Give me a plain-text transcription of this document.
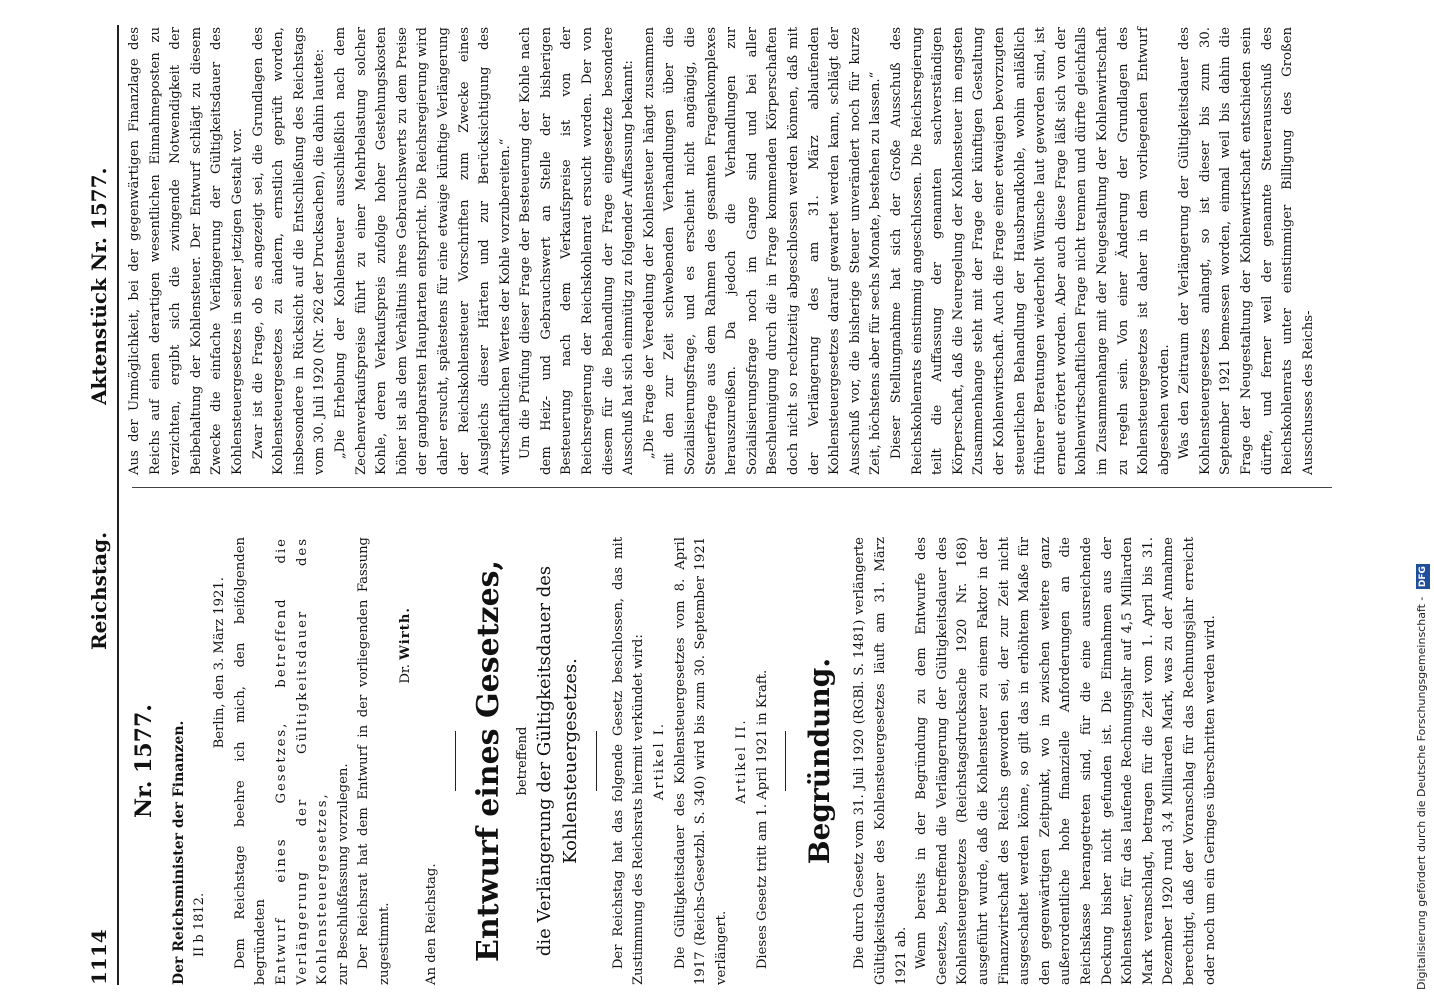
1114
Reichstag.
Aktenstück Nr. 1577.
Nr. 1577. Der Reichsminister der Finanzen. II b 1812.
Berlin, den 3. März 1921. Dem Reichstage beehre ich mich, den beifolgenden begründeten Entwurf eines Gesetzes, betreffend die Verlängerung der Gültigkeitsdauer des Kohlensteuergesetzes, zur Beschlußfassung vorzulegen. Der Reichsrat hat dem Entwurf in der vorliegenden Fassung zugestimmt.

Dr. Wirth.

An den Reichstag. Entwurf eines Gesetzes, betreffend die Verlängerung der Gültigkeitsdauer des Kohlensteuergesetzes. Der Reichstag hat das folgende Gesetz beschlossen, das mit Zustimmung des Reichsrats hiermit verkündet wird: Artikel I. Die Gültigkeitsdauer des Kohlensteuergesetzes vom 8. April 1917 (Reichs-Gesetzbl. S. 340) wird bis zum 30. September 1921 verlängert.

Artikel II. Dieses Gesetz tritt am 1. April 1921 in Kraft. Begründung.	Die durch Gesetz vom 31. Juli 1920 (RGBl. S. 1481) verlängerte Gültigkeitsdauer des Kohlensteuergesetzes läuft am 31. März 1921 ab. Wenn bereits in der Begründung zu dem Entwurfe des Gesetzes, betreffend die Verlängerung der Gültigkeitsdauer des Kohlensteuergesetzes (Reichstagsdrucksache 1920 Nr. 168) ausgeführt wurde, daß die Kohlensteuer zu einem Faktor in der Finanzwirtschaft des Reichs geworden sei, der zur Zeit nicht ausgeschaltet werden könne, so gilt das in erhöhtem Maße für den gegenwärtigen Zeitpunkt, wo in zwischen weitere ganz außerordentliche hohe finanzielle Anforderungen an die Reichskasse herangetreten sind, für die eine ausreichende Deckung bisher nicht gefunden ist. Die Einnahmen aus der Kohlensteuer, für das laufende Rechnungsjahr auf 4,5 Milliarden Mark veranschlagt, betragen für die Zeit vom 1. April bis 31. Dezember 1920 rund 3,4 Milliarden Mark, was zu der Annahme berechtigt, daß der Voranschlag für das Rechnungsjahr erreicht oder noch um ein Geringes überschritten werden wird.

Aus der Unmöglichkeit, bei der gegenwärtigen Finanzlage des Reichs auf einen derartigen wesentlichen Einnahmeposten zu verzichten, ergibt sich die zwingende Notwendigkeit der Beibehaltung der Kohlensteuer. Der Entwurf schlägt zu diesem Zwecke die einfache Verlängerung der Gültigkeitsdauer des Kohlensteuergesetzes in seiner jetzigen Gestalt vor. Zwar ist die Frage, ob es angezeigt sei, die Grundlagen des Kohlensteuergesetzes zu ändern, ernstlich geprüft worden, insbesondere in Rücksicht auf die Entschließung des Reichstags vom 30. Juli 1920 (Nr. 262 der Drucksachen), die dahin lautete: „Die Erhebung der Kohlensteuer ausschließlich nach dem Zechenverkaufspreise führt zu einer Mehrbelastung solcher Kohle, deren Verkaufspreis zufolge hoher Gestehungskosten höher ist als dem Verhältnis ihres Gebrauchswerts zu dem Preise der gangbarsten Hauptarten entspricht. Die Reichsregierung wird daher ersucht, spätestens für eine etwaige künftige Verlängerung der Reichskohlensteuer Vorschriften zum Zwecke eines Ausgleichs dieser Härten und zur Berücksichtigung des wirtschaftlichen Wertes der Kohle vorzubereiten.“ Um die Prüfung dieser Frage der Besteuerung der Kohle nach dem Heiz- und Gebrauchswert an Stelle der bisherigen Besteuerung nach dem Verkaufspreise ist von der Reichsregierung der Reichskohlenrat ersucht worden. Der von diesem für die Behandlung der Frage eingesetzte besondere Ausschuß hat sich einmütig zu folgender Auffassung bekannt: „Die Frage der Veredelung der Kohlensteuer hängt zusammen mit den zur Zeit schwebenden Verhandlungen über die Sozialisierungsfrage, und es erscheint nicht angängig, die Steuerfrage aus dem Rahmen des gesamten Fragenkomplexes herauszureißen. Da jedoch die Verhandlungen zur Sozialisierungsfrage noch im Gange sind und bei aller Beschleunigung durch die in Frage kommenden Körperschaften doch nicht so rechtzeitig abgeschlossen werden können, daß mit der Verlängerung des am 31. März ablaufenden Kohlensteuergesetzes darauf gewartet werden kann, schlägt der Ausschuß vor, die bisherige Steuer unverändert noch für kurze Zeit, höchstens aber für sechs Monate, bestehen zu lassen.“ Dieser Stellungnahme hat sich der Große Ausschuß des Reichskohlenrats einstimmig angeschlossen. Die Reichsregierung teilt die Auffassung der genannten sachverständigen Körperschaft, daß die Neuregelung der Kohlensteuer im engsten Zusammenhange steht mit der Frage der künftigen Gestaltung der Kohlenwirtschaft. Auch die Frage einer etwaigen bevorzugten steuerlichen Behandlung der Hausbrandkohle, wohin anläßlich früherer Beratungen wiederholt Wünsche laut geworden sind, ist erneut erörtert worden. Aber auch diese Frage läßt sich von der kohlenwirtschaftlichen Frage nicht trennen und dürfte gleichfalls im Zusammenhange mit der Neugestaltung der Kohlenwirtschaft zu regeln sein. Von einer Änderung der Grundlagen des Kohlensteuergesetzes ist daher in dem vorliegenden Entwurf abgesehen worden. Was den Zeitraum der Verlängerung der Gültigkeitsdauer des Kohlensteuergesetzes anlangt, so ist dieser bis zum 30. September 1921 bemessen worden, einmal weil bis dahin die Frage der Neugestaltung der Kohlenwirtschaft entschieden sein dürfte, und ferner weil der genannte Steuerausschuß des Reichskohlenrats unter einstimmiger Billigung des Großen Ausschusses des Reichs-

Digitalisierung gefördert durch die Deutsche Forschungsgemeinschaft - DFG
